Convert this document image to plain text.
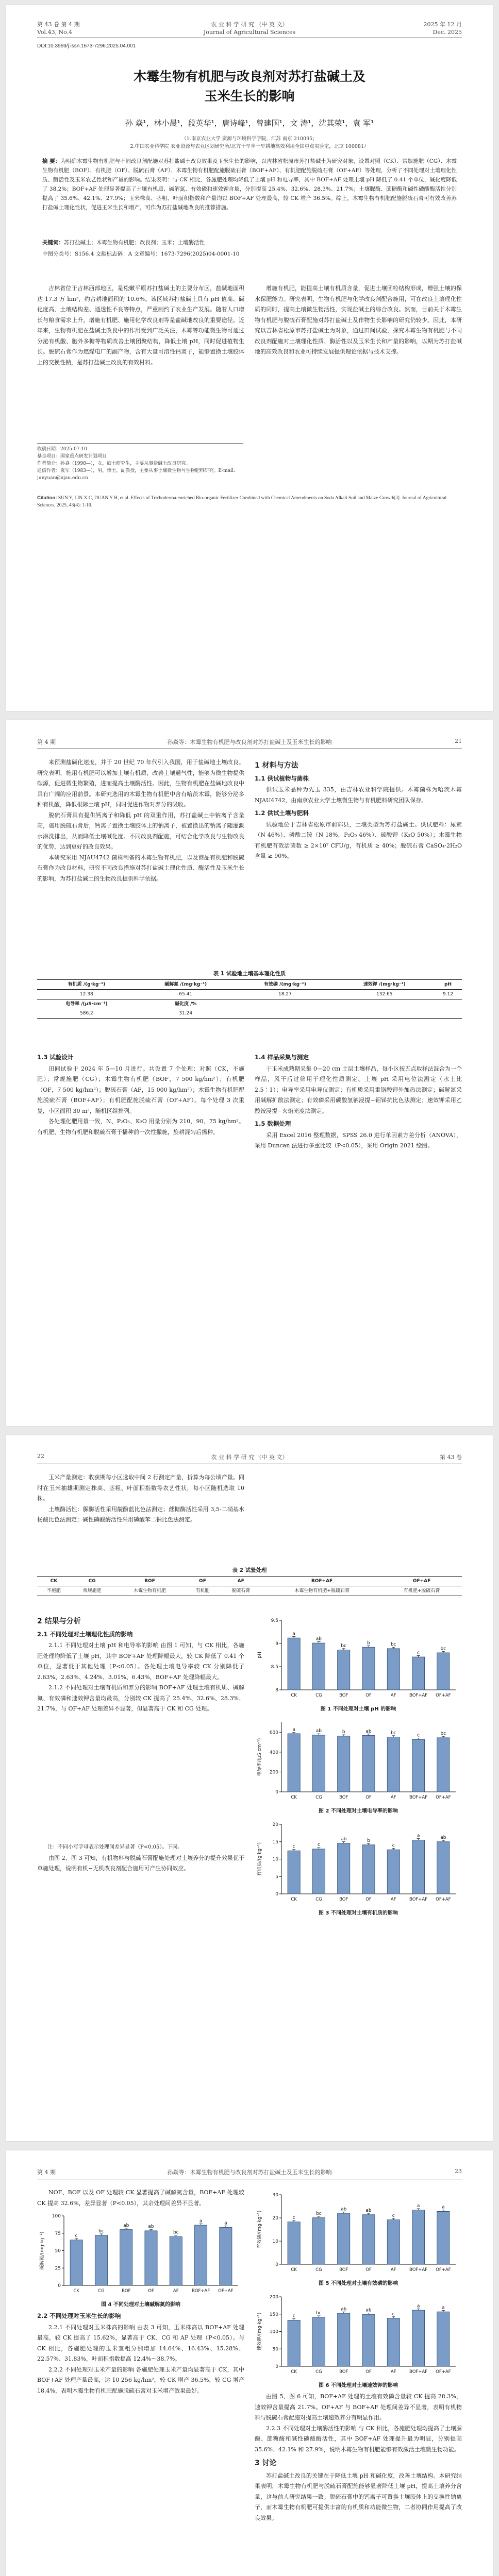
第 43 卷 第 4 期
Vol.43, No.4
农 业 科 学 研 究 （中 英 文）
Journal of Agricultural Sciences
2025 年 12 月
Dec. 2025
DOI:10.3969/j.issn.1673-7296.2025.04.001
木霉生物有机肥与改良剂对苏打盐碱土及
玉米生长的影响
孙 焱¹，林小晨¹，段英华¹，唐诗峰¹，曾建国¹，文 涛¹，沈其荣¹，袁 军¹
（1.南京农业大学 资源与环境科学学院，江苏 南京 210095；
2.中国农业科学院 农业资源与农业区划研究所/北方干旱半干旱耕地高效利用全国重点实验室，北京 100081）
摘 要：为明确木霉生物有机肥与不同改良剂配施对苏打盐碱土改良效果及玉米生长的影响，以吉林省松原市苏打盐碱土为研究对象，设置对照（CK）、常规施肥（CG）、木霉生物有机肥（BOF）、有机肥（OF）、脱硫石膏（AF）、木霉生物有机肥配施脱硫石膏（BOF+AF）、有机肥配施脱硫石膏（OF+AF）等处理，分析了不同处理对土壤理化性质、酶活性及玉米农艺性状和产量的影响。结果表明：与 CK 相比，各施肥处理均降低了土壤 pH 和电导率，其中 BOF+AF 处理土壤 pH 降低了 0.41 个单位，碱化度降低了 38.2%；BOF+AF 处理显著提高了土壤有机质、碱解氮、有效磷和速效钾含量，分别提高 25.4%、32.6%、28.3%、21.7%；土壤脲酶、蔗糖酶和碱性磷酸酶活性分别提高了 35.6%、42.1%、27.9%；玉米株高、茎粗、叶面积指数和产量均以 BOF+AF 处理最高，较 CK 增产 36.5%。综上，木霉生物有机肥配施脱硫石膏可有效改善苏打盐碱土理化性状，促进玉米生长和增产，可作为苏打盐碱地改良的推荐措施。
关键词：苏打盐碱土；木霉生物有机肥；改良剂；玉米；土壤酶活性
中图分类号：S156.4 文献标志码：A 文章编号：1673-7296(2025)04-0001-10

吉林省位于吉林西部地区，是松嫩平原苏打盐碱土的主要分布区，盐碱地面积达 17.3 万 hm²，约占耕地面积的 10.6%。该区域苏打盐碱土具有 pH 值高、碱化度高、土壤结构差、通透性不良等特点，严重制约了农业生产发展。随着人口增长与粮食需求上升，增施有机肥、施用化学改良剂等是盐碱地改良的重要途径。近年来，生物有机肥在盐碱土改良中的作用受到广泛关注，木霉等功能微生物可通过分泌有机酸、胞外多糖等物质改善土壤团聚结构，降低土壤 pH，同时促进植物生长。脱硫石膏作为燃煤电厂的副产物，含有大量可溶性钙离子，能够置换土壤胶体上的交换性钠，是苏打盐碱土改良的有效材料。

增施有机肥，能提高土壤有机质含量，促进土壤团粒结构形成，增强土壤的保水保肥能力。研究表明，生物有机肥与化学改良剂配合施用，可在改良土壤理化性质的同时，提高土壤微生物活性，实现盐碱土的综合改良。然而，目前关于木霉生物有机肥与脱硫石膏配施对苏打盐碱土及作物生长影响的研究仍较少。因此，本研究以吉林省松原市苏打盐碱土为对象，通过田间试验，探究木霉生物有机肥与不同改良剂配施对土壤理化性质、酶活性以及玉米生长和产量的影响，以期为苏打盐碱地的高效改良和农业可持续发展提供理论依据与技术支撑。

收稿日期：2025-07-10
基金项目：国家重点研发计划项目
作者简介：孙焱（1998—），女，硕士研究生，主要从事盐碱土改良研究。
通信作者：袁军（1983—），男，博士，副教授，主要从事土壤微生物与生物肥料研究。E-mail: junyuan@njau.edu.cn
Citation: SUN Y, LIN X C, DUAN Y H, et al. Effects of Trichoderma-enriched Bio-organic Fertilizer Combined with Chemical Amendments on Soda Alkali Soil and Maize Growth[J]. Journal of Agricultural Sciences, 2025, 43(4): 1-10.
第 4 期	孙焱等：木霉生物有机肥与改良剂对苏打盐碱土及玉米生长的影响	21

来预测盐碱化速度，并于 20 世纪 70 年代引入我国，用于盐碱地土壤改良。研究表明，施用有机肥可以增加土壤有机质，改善土壤通气性，能够为微生物提供碳源，促进微生物繁殖，进而提高土壤酶活性。因此，生物有机肥在盐碱地改良中具有广阔的应用前景。本研究选用的木霉生物有机肥中含有哈茨木霉，能够分泌多种有机酸，降低根际土壤 pH，同时促进作物对养分的吸收。

脱硫石膏具有提供钙离子和降低 pH 的双重作用，苏打盐碱土中钠离子含量高，施用脱硫石膏后，钙离子置换土壤胶体上的钠离子，被置换出的钠离子随灌溉水淋洗排出，从而降低土壤碱化度。不同改良剂配施，可结合化学改良与生物改良的优势，达到更好的改良效果。

本研究采用 NJAU4742 菌株制备的木霉生物有机肥，以及商品有机肥和脱硫石膏作为改良材料，研究不同改良措施对苏打盐碱土理化性质、酶活性及玉米生长的影响，为苏打盐碱土的生物改良提供科学依据。

1 材料与方法
1.1 供试植物与菌株

供试玉米品种为先玉 335，由吉林农业科学院提供。木霉菌株为哈茨木霉 NJAU4742，由南京农业大学土壤微生物与有机肥料研究团队保存。

1.2 供试土壤与肥料

试验地位于吉林省松原市前郭县，土壤类型为苏打盐碱土。供试肥料：尿素（N 46%）、磷酸二铵（N 18%，P₂O₅ 46%）、硫酸钾（K₂O 50%）；木霉生物有机肥有效活菌数 ≥ 2×10⁷ CFU/g，有机质 ≥ 40%；脱硫石膏 CaSO₄·2H₂O 含量 ≥ 90%。

表 1 试验地土壤基本理化性质
有机质 /(g·kg⁻¹)	碱解氮 /(mg·kg⁻¹)	有效磷 /(mg·kg⁻¹)	速效钾 /(mg·kg⁻¹)	pH
12.38	65.41	18.27	132.65	9.12
电导率 /(μS·cm⁻¹)	碱化度 /%			
586.2	31.24			
1.3 试验设计

田间试验于 2024 年 5—10 月进行。共设置 7 个处理：对照（CK，不施肥）；常规施肥（CG）；木霉生物有机肥（BOF，7 500 kg/hm²）；有机肥（OF，7 500 kg/hm²）；脱硫石膏（AF，15 000 kg/hm²）；木霉生物有机肥配施脱硫石膏（BOF+AF）；有机肥配施脱硫石膏（OF+AF）。每个处理 3 次重复，小区面积 30 m²，随机区组排列。

各处理化肥用量一致，N、P₂O₅、K₂O 用量分别为 210、90、75 kg/hm²。有机肥、生物有机肥和脱硫石膏于播种前一次性撒施，旋耕混匀后播种。

1.4 样品采集与测定

于玉米成熟期采集 0—20 cm 土层土壤样品，每小区按五点取样法混合为一个样品，风干后过筛用于理化性质测定。土壤 pH 采用电位法测定（水土比 2.5∶1）；电导率采用电导仪测定；有机质采用重铬酸钾外加热法测定；碱解氮采用碱解扩散法测定；有效磷采用碳酸氢钠浸提−钼锑抗比色法测定；速效钾采用乙酸铵浸提−火焰光度法测定。

1.5 数据处理

采用 Excel 2016 整理数据，SPSS 26.0 进行单因素方差分析（ANOVA），采用 Duncan 法进行多重比较（P<0.05），采用 Origin 2021 绘图。

22	农 业 科 学 研 究 （中 英 文）	第 43 卷

玉米产量测定：收获期每小区选取中间 2 行测定产量，折算为每公顷产量。同时在玉米抽雄期测定株高、茎粗、叶面积指数等农艺性状，每小区随机选取 10 株。

土壤酶活性：脲酶活性采用靛酚蓝比色法测定；蔗糖酶活性采用 3,5-二硝基水杨酸比色法测定；碱性磷酸酶活性采用磷酸苯二钠比色法测定。

表 2 试验处理
CK	CG	BOF	OF	AF	BOF+AF	OF+AF
不施肥	常规施肥	木霉生物有机肥	有机肥	脱硫石膏	木霉生物有机肥+脱硫石膏	有机肥+脱硫石膏
2 结果与分析
2.1 不同处理对土壤理化性质的影响

2.1.1 不同处理对土壤 pH 和电导率的影响 由图 1 可知，与 CK 相比，各施肥处理均降低了土壤 pH，其中 BOF+AF 处理降幅最大，较 CK 降低了 0.41 个单位，显著低于其他处理（P<0.05）。各处理土壤电导率较 CK 分别降低了 2.63%、2.63%、4.24%、3.01%、6.43%，BOF+AF 处理降幅最大。

2.1.2 不同处理对土壤有机质和养分的影响 BOF+AF 处理土壤有机质、碱解氮、有效磷和速效钾含量均最高，分别较 CK 提高了 25.4%、32.6%、28.3%、21.7%，与 OF+AF 处理差异不显著，但显著高于 CK 和 CG 处理。

8
8.5
9
9.5
pH
a
CK
ab
CG
bc
BOF
b
OF
bc
AF
c
BOF+AF
bc
OF+AF
图 1 不同处理对土壤 pH 的影响
0
200
400
600
电导率/(μS·cm⁻¹)
a
CK
ab
CG
b
BOF
ab
OF
bc
AF
c
BOF+AF
bc
OF+AF
图 2 不同处理对土壤电导率的影响
0
5
10
15
20
有机质/(g·kg⁻¹)	c
CK
c
CG
ab
BOF
b
OF
c
AF
a
BOF+AF
ab
OF+AF
图 3 不同处理对土壤有机质的影响

注：不同小写字母表示处理间差异显著（P<0.05）。下同。

由图 2、图 3 可知，有机物料与脱硫石膏配施处理对土壤养分的提升效果优于单施处理，说明有机−无机改良剂配合施用可产生协同效应。

第 4 期	孙焱等：木霉生物有机肥与改良剂对苏打盐碱土及玉米生长的影响	23

NOF、BOF 以及 OF 处理较 CK 显著提高了碱解氮含量，BOF+AF 处理较 CK 提高 32.6%，差异显著（P<0.05），其余处理间差异不显著。

0
25
50
75
100
碱解氮/(mg·kg⁻¹)	c
CK
bc
CG
ab
BOF
ab
OF
bc
AF
a
BOF+AF
a
OF+AF
图 4 不同处理对土壤碱解氮的影响
2.2 不同处理对玉米生长的影响

2.2.1 不同处理对玉米株高的影响 由表 3 可知，玉米株高以 BOF+AF 处理最高，较 CK 提高了 15.62%，显著高于 CK、CG 和 AF 处理（P<0.05）。与 CK 相比，各施肥处理的玉米茎粗分别增加 14.64%、16.43%、15.28%、22.57%、31.83%，叶面积指数提高 12.4%～38.7%。

2.2.2 不同处理对玉米产量的影响 各施肥处理玉米产量均显著高于 CK，其中 BOF+AF 处理产量最高，达 10 256 kg/hm²，较 CK 增产 36.5%，较 CG 增产 18.4%，表明木霉生物有机肥配施脱硫石膏对玉米增产效果最好。

0
10
20
30
有效磷/(mg·kg⁻¹)	c
CK
bc
CG
ab
BOF
ab
OF
c
AF
a
BOF+AF
a
OF+AF
图 5 不同处理对土壤有效磷的影响
0
50
100
150
200
速效钾/(mg·kg⁻¹)	c
CK
bc
CG
ab
BOF
ab
OF
c
AF
a
BOF+AF
a
OF+AF
图 6 不同处理对土壤速效钾的影响

由图 5、图 6 可知，BOF+AF 处理的土壤有效磷含量较 CK 提高 28.3%，速效钾含量提高 21.7%。OF+AF 与 BOF+AF 处理间差异不显著，表明有机物料与脱硫石膏配施对提高土壤速效养分有明显作用。

2.2.3 不同处理对土壤酶活性的影响 与 CK 相比，各施肥处理均提高了土壤脲酶、蔗糖酶和碱性磷酸酶活性，其中 BOF+AF 处理提升最为明显，分别提高 35.6%、42.1% 和 27.9%，说明木霉生物有机肥能够有效激活土壤微生物功能。

3 讨论

苏打盐碱土改良的关键在于降低土壤 pH 和碱化度，改善土壤结构。本研究结果表明，木霉生物有机肥与脱硫石膏配施能够显著降低土壤 pH，提高土壤养分含量，这与前人研究结果一致。脱硫石膏中的钙离子可置换土壤胶体上的交换性钠离子，而木霉生物有机肥可提供丰富的有机质和功能微生物，二者协同作用提高了改良效果。
